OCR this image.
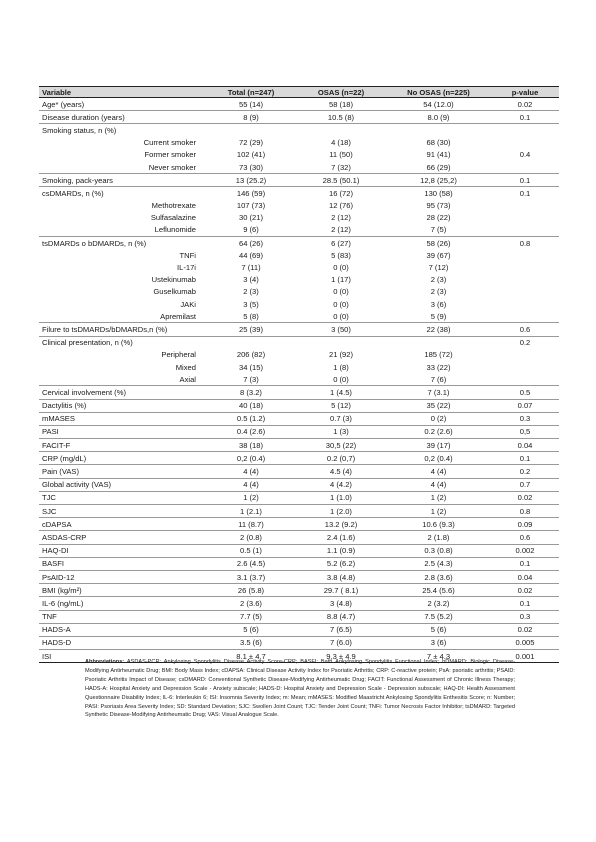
Variable	Total (n=247)	OSAS (n=22)	No OSAS (n=225)	p-value
Age* (years)	55 (14)	58 (18)	54 (12.0)	0.02
Disease duration (years)	8 (9)	10.5 (8)	8.0 (9)	0.1
Smoking status, n (%)				
Current smoker	72 (29)	4 (18)	68 (30)	
Former smoker	102 (41)	11 (50)	91 (41)	0.4
Never smoker	73 (30)	7 (32)	66 (29)	
Smoking, pack-years	13 (25.2)	28.5 (50.1)	12,8 (25,2)	0.1
csDMARDs, n (%)	146 (59)	16 (72)	130 (58)	0.1
Methotrexate	107 (73)	12 (76)	95 (73)	
Sulfasalazine	30 (21)	2 (12)	28 (22)	
Leflunomide	9 (6)	2 (12)	7 (5)	
tsDMARDs o bDMARDs, n (%)	64 (26)	6 (27)	58 (26)	0.8
TNFi	44 (69)	5 (83)	39 (67)	
IL-17i	7 (11)	0 (0)	7 (12)	
Ustekinumab	3 (4)	1 (17)	2 (3)	
Guselkumab	2 (3)	0 (0)	2 (3)	
JAKi	3 (5)	0 (0)	3 (6)	
Apremilast	5 (8)	0 (0)	5 (9)	
Filure to tsDMARDs/bDMARDs,n (%)	25 (39)	3 (50)	22 (38)	0.6
Clinical presentation, n (%)				0.2
Peripheral	206 (82)	21 (92)	185 (72)	
Mixed	34 (15)	1 (8)	33 (22)	
Axial	7 (3)	0 (0)	7 (6)	
Cervical involvement (%)	8 (3.2)	1 (4.5)	7 (3.1)	0.5
Dactylitis (%)	40 (18)	5 (12)	35 (22)	0.07
mMASES	0.5 (1.2)	0.7 (3)	0 (2)	0.3
PASI	0.4 (2.6)	1 (3)	0.2 (2.6)	0,5
FACIT-F	38 (18)	30,5 (22)	39 (17)	0.04
CRP (mg/dL)	0,2 (0.4)	0.2 (0,7)	0,2 (0.4)	0.1
Pain (VAS)	4 (4)	4.5 (4)	4 (4)	0.2
Global activity (VAS)	4 (4)	4 (4.2)	4 (4)	0.7
TJC	1 (2)	1 (1.0)	1 (2)	0.02
SJC	1 (2.1)	1 (2.0)	1 (2)	0.8
cDAPSA	11 (8.7)	13.2 (9.2)	10.6 (9.3)	0.09
ASDAS-CRP	2 (0.8)	2.4 (1.6)	2 (1.8)	0.6
HAQ-DI	0.5 (1)	1.1 (0.9)	0.3 (0.8)	0.002
BASFI	2.6 (4.5)	5.2 (6.2)	2.5 (4.3)	0.1
PsAID-12	3.1 (3.7)	3.8 (4.8)	2.8 (3.6)	0.04
BMI (kg/m²)	26 (5.8)	29.7 ( 8.1)	25.4 (5.6)	0.02
IL-6 (ng/mL)	2 (3.6)	3 (4.8)	2 (3.2)	0.1
TNF	7.7 (5)	8.8 (4.7)	7.5 (5.2)	0.3
HADS-A	5 (6)	7 (6.5)	5 (6)	0.02
HADS-D	3.5 (6)	7 (6.0)	3 (6)	0.005
ISI	8.1 ± 4.7	9,3 ± 4.9	7 ± 4.3	0.001
Abbreviations: ASDAS-PCR: Ankylosing Spondylitis Disease Activity Score-CRP; BASFI: Bath Ankylosing Spondylitis Functional Index; bDMARD: Biologic Disease-Modifying Antirheumatic Drug; BMI: Body Mass Index; cDAPSA: Clinical Disease Activity Index for Psoriatic Arthritis; CRP: C-reactive protein; PsA: psoriatic arthritis; PSAID: Psoriatic Arthritis Impact of Disease; csDMARD: Conventional Synthetic Disease-Modifying Antirheumatic Drug; FACIT: Functional Assessment of Chronic Illness Therapy; HADS-A: Hospital Anxiety and Depression Scale - Anxiety subscale; HADS-D: Hospital Anxiety and Depression Scale - Depression subscale; HAQ-DI: Health Assessment Questionnaire Disability Index; IL-6: Interleukin 6; ISI: Insomnia Severity Index; m: Mean; mMASES: Modified Maastricht Ankylosing Spondylitis Enthesitis Score; n: Number; PASI: Psoriasis Area Severity Index; SD: Standard Deviation; SJC: Swollen Joint Count; TJC: Tender Joint Count; TNFi: Tumor Necrosis Factor Inhibitor; tsDMARD: Targeted Synthetic Disease-Modifying Antirheumatic Drug; VAS: Visual Analogue Scale.
